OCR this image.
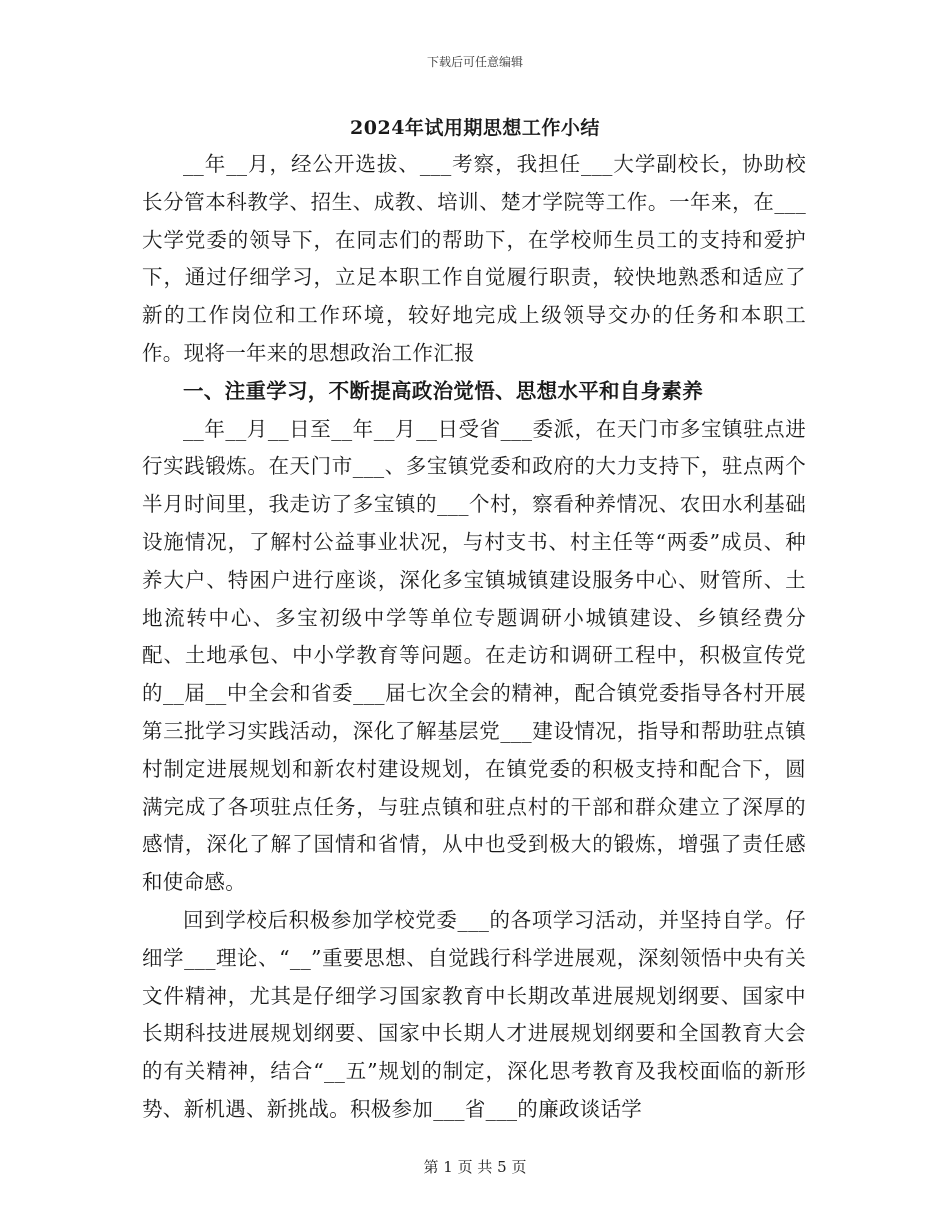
下载后可任意编辑
2024年试用期思想工作小结

__年__月，经公开选拔、___考察，我担任___大学副校长，协助校长分管本科教学、招生、成教、培训、楚才学院等工作。一年来，在___大学党委的领导下，在同志们的帮助下，在学校师生员工的支持和爱护下，通过仔细学习，立足本职工作自觉履行职责，较快地熟悉和适应了新的工作岗位和工作环境，较好地完成上级领导交办的任务和本职工作。现将一年来的思想政治工作汇报

一、注重学习，不断提高政治觉悟、思想水平和自身素养

__年__月__日至__年__月__日受省___委派，在天门市多宝镇驻点进行实践锻炼。在天门市___、多宝镇党委和政府的大力支持下，驻点两个半月时间里，我走访了多宝镇的___个村，察看种养情况、农田水利基础设施情况，了解村公益事业状况，与村支书、村主任等“两委”成员、种养大户、特困户进行座谈，深化多宝镇城镇建设服务中心、财管所、土地流转中心、多宝初级中学等单位专题调研小城镇建设、乡镇经费分配、土地承包、中小学教育等问题。在走访和调研工程中，积极宣传党的__届__中全会和省委___届七次全会的精神，配合镇党委指导各村开展第三批学习实践活动，深化了解基层党___建设情况，指导和帮助驻点镇村制定进展规划和新农村建设规划，在镇党委的积极支持和配合下，圆满完成了各项驻点任务，与驻点镇和驻点村的干部和群众建立了深厚的感情，深化了解了国情和省情，从中也受到极大的锻炼，增强了责任感和使命感。

回到学校后积极参加学校党委___的各项学习活动，并坚持自学。仔细学___理论、“__”重要思想、自觉践行科学进展观，深刻领悟中央有关文件精神，尤其是仔细学习国家教育中长期改革进展规划纲要、国家中长期科技进展规划纲要、国家中长期人才进展规划纲要和全国教育大会的有关精神，结合“__五”规划的制定，深化思考教育及我校面临的新形势、新机遇、新挑战。积极参加___省___的廉政谈话学

第 1 页 共 5 页
